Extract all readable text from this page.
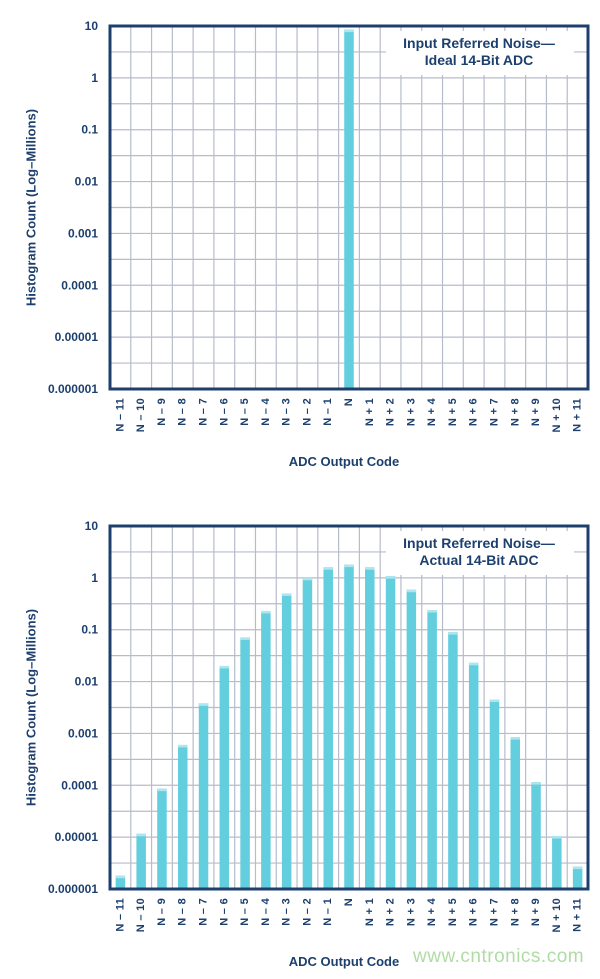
10
1
0.1
0.01
0.001
0.0001
0.00001
0.000001
N – 11 N – 10 N – 9 N – 8 N – 7 N – 6 N – 5 N – 4 N – 3 N – 2 N – 1 N N + 1 N + 2 N + 3 N + 4 N + 5 N + 6 N + 7 N + 8 N + 9 N + 10 N + 11
Input Referred Noise—
Ideal 14-Bit ADC
Histogram Count (Log–Millions)
ADC Output Code
10
1
0.1
0.01
0.001
0.0001
0.00001
0.000001
N – 11 N – 10 N – 9 N – 8 N – 7 N – 6 N – 5 N – 4 N – 3 N – 2 N – 1 N N + 1 N + 2 N + 3 N + 4 N + 5 N + 6 N + 7 N + 8 N + 9 N + 10 N + 11
Input Referred Noise—
Actual 14-Bit ADC
Histogram Count (Log–Millions)
ADC Output Code www.cntronics.com
